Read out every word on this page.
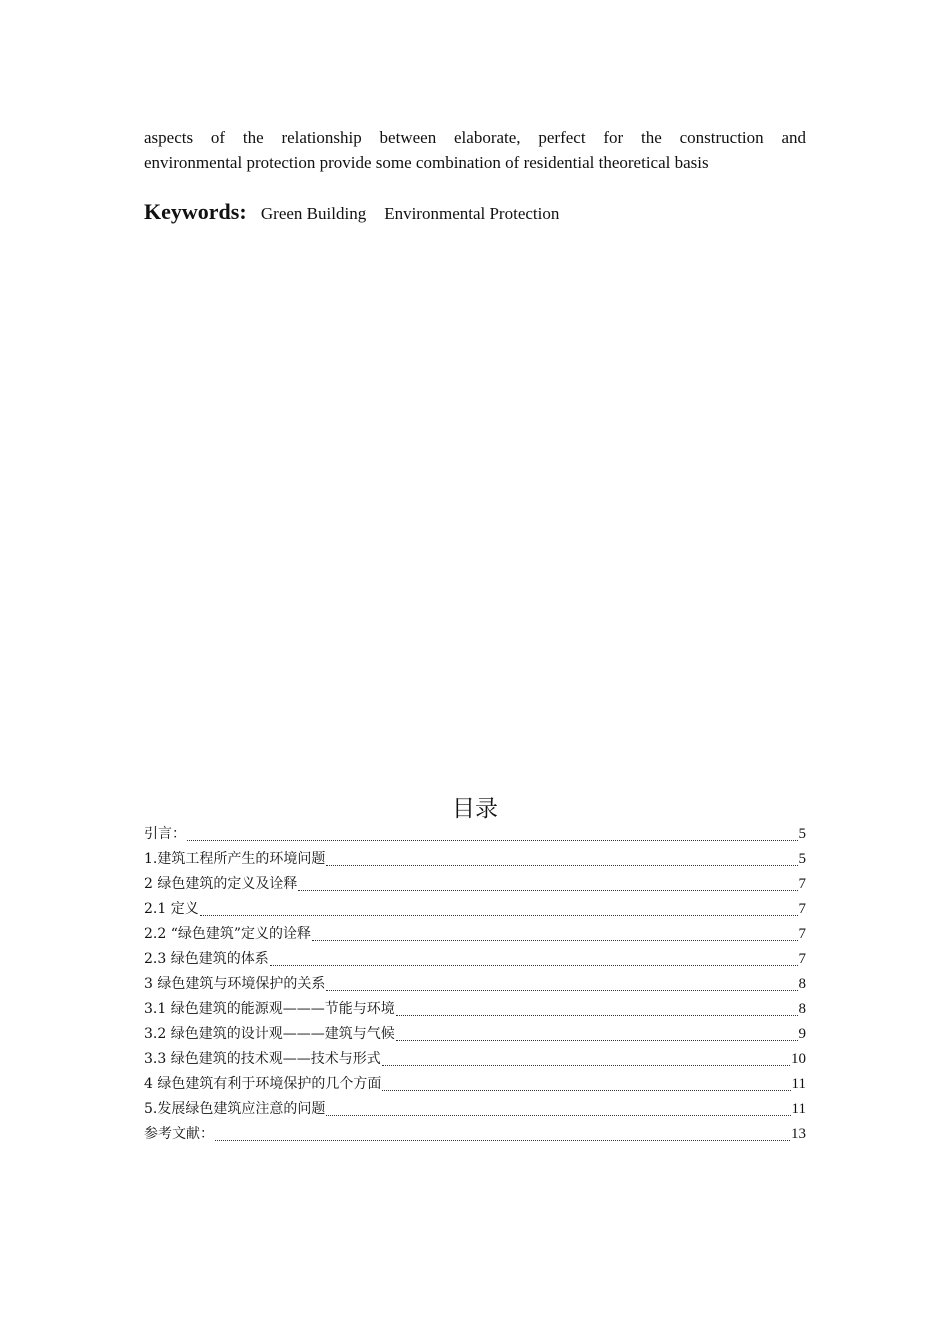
aspects of the relationship between elaborate, perfect for the construction and
environmental protection provide some combination of residential theoretical basis
Keywords: Green Building Environmental Protection
目录
引言：	5
1.建筑工程所产生的环境问题	5
2 绿色建筑的定义及诠释	7
2.1 定义	7
2.2 “绿色建筑”定义的诠释	7
2.3 绿色建筑的体系	7
3 绿色建筑与环境保护的关系	8
3.1 绿色建筑的能源观———节能与环境	8
3.2 绿色建筑的设计观———建筑与气候	9
3.3 绿色建筑的技术观——技术与形式	10
4 绿色建筑有利于环境保护的几个方面	11
5.发展绿色建筑应注意的问题	11
参考文献：	13
